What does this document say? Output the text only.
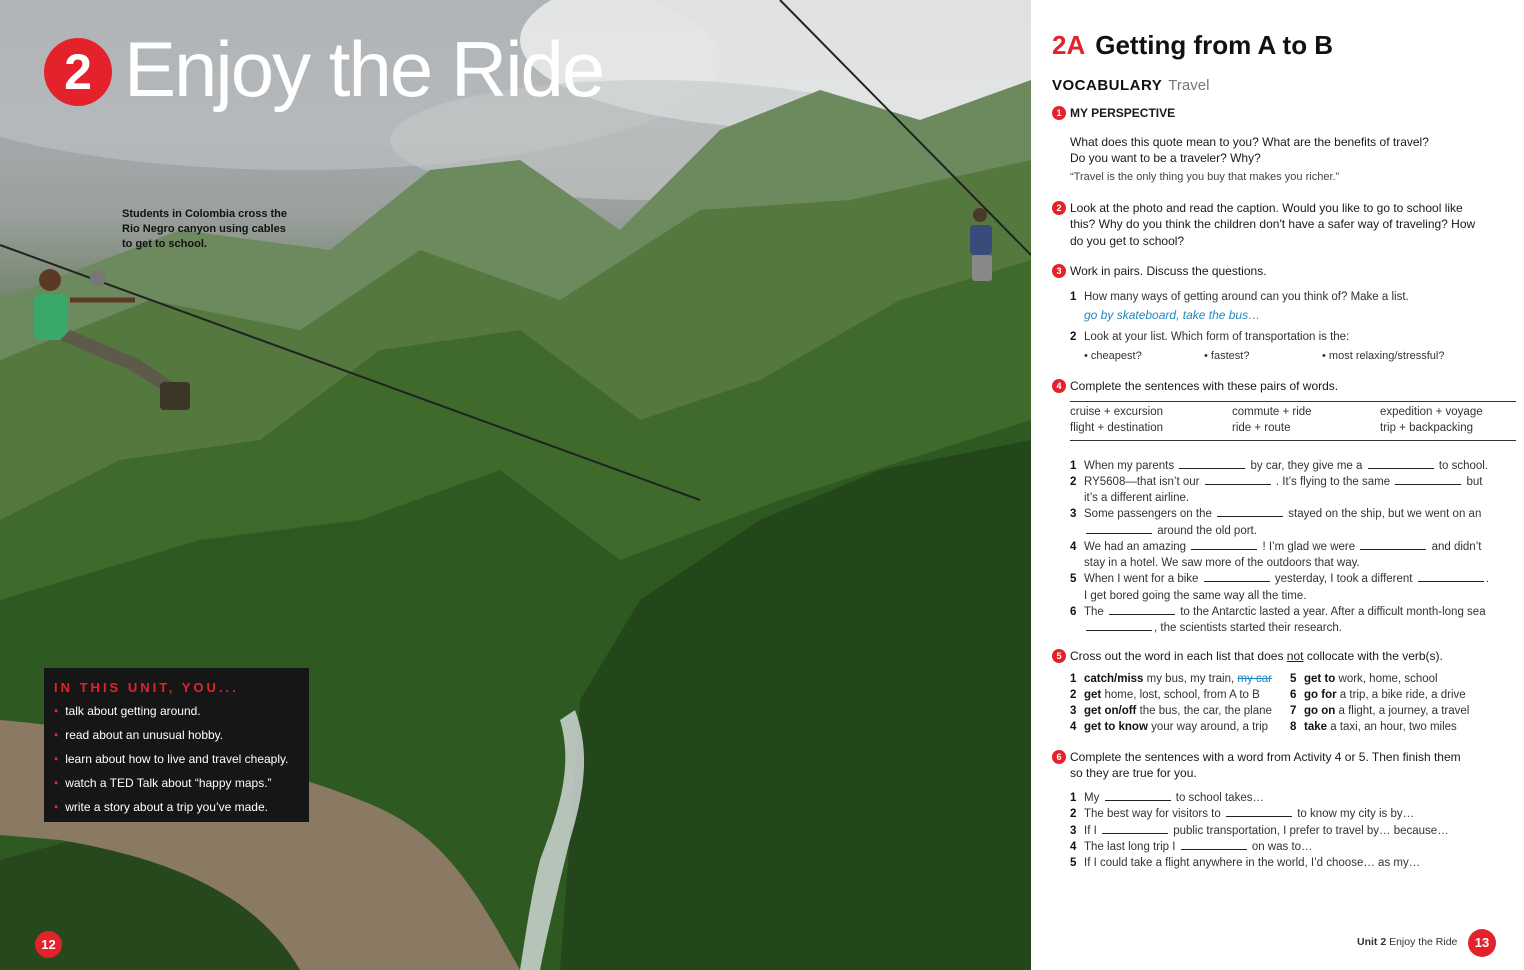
2 Enjoy the Ride
Students in Colombia cross the Rio Negro canyon using cables to get to school.
IN THIS UNIT, YOU...
• talk about getting around.
• read about an unusual hobby.
• learn about how to live and travel cheaply.
• watch a TED Talk about “happy maps.”
• write a story about a trip you’ve made.
12
2A Getting from A to B
VOCABULARY Travel
1 MY PERSPECTIVE
What does this quote mean to you? What are the benefits of travel?
Do you want to be a traveler? Why?
“Travel is the only thing you buy that makes you richer.”
2 Look at the photo and read the caption. Would you like to go to school like
this? Why do you think the children don't have a safer way of traveling? How
do you get to school?
3 Work in pairs. Discuss the questions.
1 How many ways of getting around can you think of? Make a list.
go by skateboard, take the bus…
2 Look at your list. Which form of transportation is the:
• cheapest?	• fastest?	• most relaxing/stressful?
4 Complete the sentences with these pairs of words.
cruise + excursion	commute + ride	expedition + voyage
flight + destination	ride + route	trip + backpacking
1 When my parents	by car, they give me a	to school.
2 RY5608—that isn’t our	. It’s flying to the same	but
it’s a different airline.
3 Some passengers on the	stayed on the ship, but we went on an
around the old port.
4 We had an amazing	! I’m glad we were	and didn’t
stay in a hotel. We saw more of the outdoors that way.
5 When I went for a bike	yesterday, I took a different	.
I get bored going the same way all the time.
6 The	to the Antarctic lasted a year. After a difficult month-long sea
, the scientists started their research.
5 Cross out the word in each list that does not collocate with the verb(s).
1 catch/miss my bus, my train, my car
2 get home, lost, school, from A to B
3 get on/off the bus, the car, the plane
4 get to know your way around, a trip
5 get to work, home, school
6 go for a trip, a bike ride, a drive
7 go on a flight, a journey, a travel
8 take a taxi, an hour, two miles
6 Complete the sentences with a word from Activity 4 or 5. Then finish them
so they are true for you.
1 My	to school takes…
2 The best way for visitors to	to know my city is by…
3 If I	public transportation, I prefer to travel by… because…
4 The last long trip I	on was to…
5 If I could take a flight anywhere in the world, I’d choose… as my…
Unit 2 Enjoy the Ride	13
